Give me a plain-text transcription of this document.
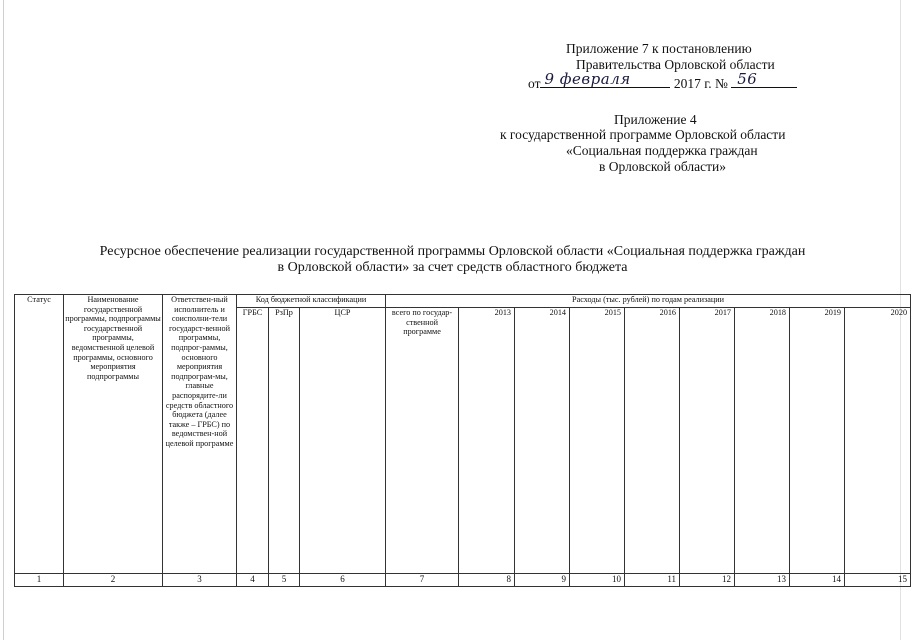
Приложение 7 к постановлению
Правительства Орловской области
от 9 февраля	2017 г. № 56
Приложение 4
к государственной программе Орловской области
«Социальная поддержка граждан
в Орловской области»
Ресурсное обеспечение реализации государственной программы Орловской области «Социальная поддержка граждан
в Орловской области» за счет средств областного бюджета
Статус	Наименование государственной программы, подпрограммы государственной программы, ведомственной целевой программы, основного мероприятия подпрограммы	Ответствен-ный исполнитель и соисполни-тели государст-венной программы, подпрог-раммы, основного мероприятия подпрограм-мы, главные распорядите-ли средств областного бюджета (далее также – ГРБС) по ведомствен-ной целевой программе	Код бюджетной классификации			Расходы (тыс. рублей) по годам реализации								
			ГРБС	РзПр	ЦСР	всего по государ-ственной программе	2013	2014	2015	2016	2017	2018	2019	2020
1	2	3	4	5	6	7	8	9	10	11	12	13	14	15
